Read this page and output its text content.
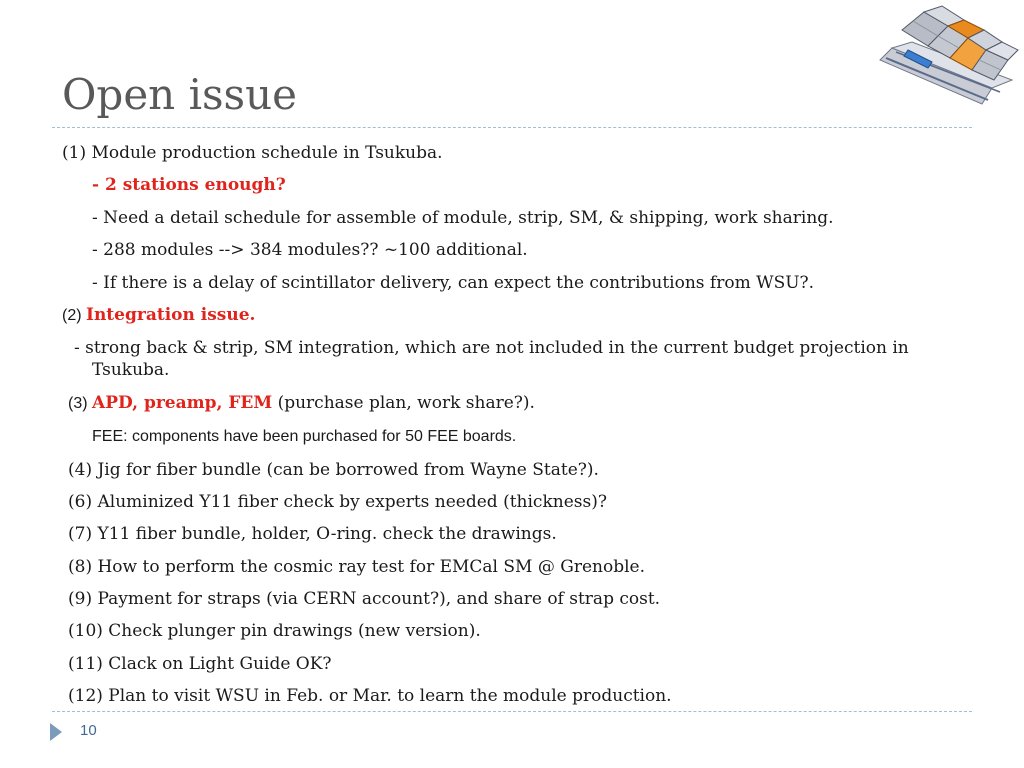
Open issue
(1) Module production schedule in Tsukuba.
- 2 stations enough?
- Need a detail schedule for assemble of module, strip, SM, & shipping, work sharing.
- 288 modules --> 384 modules?? ~100 additional.
- If there is a delay of scintillator delivery, can expect the contributions from WSU?.
(2) Integration issue.
- strong back & strip, SM integration, which are not included in the current budget projection in Tsukuba.
(3) APD, preamp, FEM (purchase plan, work share?).
FEE: components have been purchased for 50 FEE boards.
(4) Jig for fiber bundle (can be borrowed from Wayne State?).
(6) Aluminized Y11 fiber check by experts needed (thickness)?
(7) Y11 fiber bundle, holder, O-ring. check the drawings.
(8) How to perform the cosmic ray test for EMCal SM @ Grenoble.
(9) Payment for straps (via CERN account?), and share of strap cost.
(10) Check plunger pin drawings (new version).
(11) Clack on Light Guide OK?
(12) Plan to visit WSU in Feb. or Mar. to learn the module production.
10
